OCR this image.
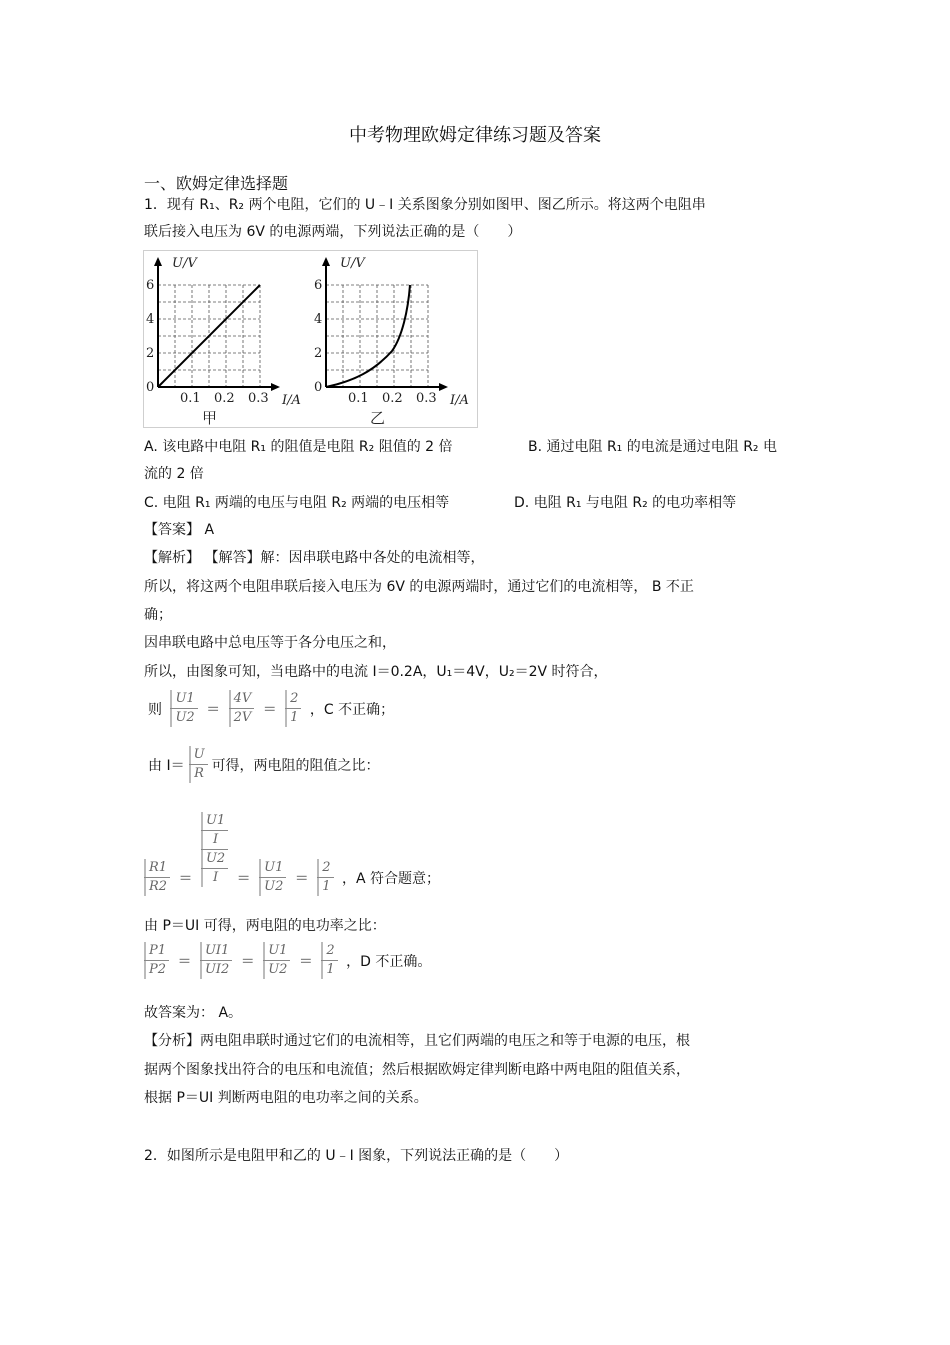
中考物理欧姆定律练习题及答案
一、欧姆定律选择题
1．现有 R₁、R₂ 两个电阻，它们的 U﹣I 关系图象分别如图甲、图乙所示。将这两个电阻串
联后接入电压为 6V 的电源两端，下列说法正确的是（　　）
U/V
0
2
4
6
0.1 0.2 0.3 I/A
甲
U/V
0
2
4
6
0.1 0.2 0.3 I/A
乙
A. 该电路中电阻 R₁ 的阻值是电阻 R₂ 阻值的 2 倍	B. 通过电阻 R₁ 的电流是通过电阻 R₂ 电
流的 2 倍
C. 电阻 R₁ 两端的电压与电阻 R₂ 两端的电压相等	D. 电阻 R₁ 与电阻 R₂ 的电功率相等
【答案】 A
【解析】 【解答】解：因串联电路中各处的电流相等，
所以，将这两个电阻串联后接入电压为 6V 的电源两端时，通过它们的电流相等， B 不正
确；
因串联电路中总电压等于各分电压之和，
所以，由图象可知，当电路中的电流 I＝0.2A，U₁＝4V，U₂＝2V 时符合，
则 $\frac{U1}{U2} = \frac{4V}{2V} = \frac{2}{1}$ ，C 不正确；
由 $I= \frac{U}{R}$ 可得，两电阻的阻值之比：
$\frac{R1}{R2} = \frac{\frac{U1}{I}}{\frac{U2}{I}} = \frac{U1}{U2} = \frac{2}{1}$ ，A 符合题意；
由 P＝UI 可得，两电阻的电功率之比：
$\frac{P1}{P2} = \frac{UI1}{UI2} = \frac{U1}{U2} = \frac{2}{1}$ ，D 不正确。
故答案为： A。
【分析】两电阻串联时通过它们的电流相等，且它们两端的电压之和等于电源的电压，根
据两个图象找出符合的电压和电流值；然后根据欧姆定律判断电路中两电阻的阻值关系，
根据 P＝UI 判断两电阻的电功率之间的关系。
2．如图所示是电阻甲和乙的 U﹣I 图象，下列说法正确的是（　　）
